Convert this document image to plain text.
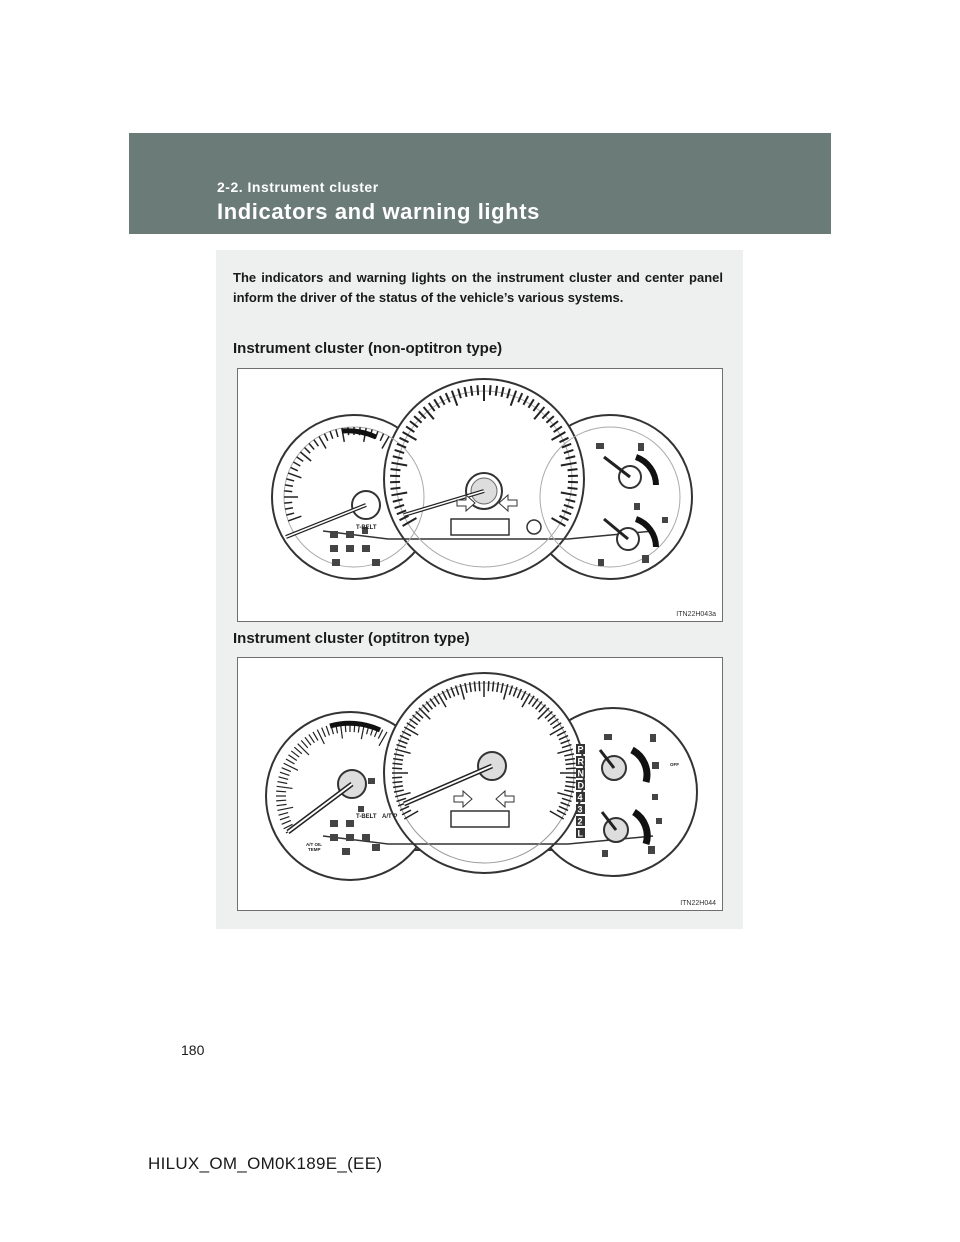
2-2. Instrument cluster
Indicators and warning lights
The indicators and warning lights on the instrument cluster and center panel inform the driver of the status of the vehicle’s various systems.
Instrument cluster (non-optitron type)
T-BELT
ITN22H043a
Instrument cluster (optitron type)
P
R
N
D
4
3
2
L
T-BELT A/T P
A/T OIL
TEMP
OFF
ITN22H044
180
HILUX_OM_OM0K189E_(EE)
